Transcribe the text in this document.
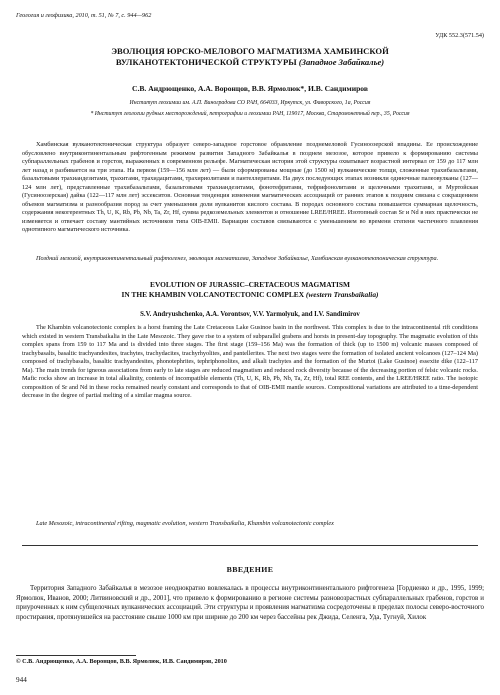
Геология и геофизика, 2010, т. 51, № 7, с. 944—962
УДК 552.3(571.54)
ЭВОЛЮЦИЯ ЮРСКО-МЕЛОВОГО МАГМАТИЗМА ХАМБИНСКОЙ
ВУЛКАНОТЕКТОНИЧЕСКОЙ СТРУКТУРЫ (Западное Забайкалье)
С.В. Андрющенко, А.А. Воронцов, В.В. Ярмолюк*, И.В. Сандимиров
Институт геохимии им. А.П. Виноградова СО РАН, 664033, Иркутск, ул. Фаворского, 1а, Россия
* Институт геологии рудных месторождений, петрографии и геохимии РАН, 119017, Москва, Старомонетный пер., 35, Россия
Хамбинская вулканотектоническая структура образует северо-западное горстовое обрамление позднемеловой Гусиноозерской впадины. Ее происхождение обусловлено внутриконтинентальным рифтогенным режимом развития Западного Забайкалья в позднем мезозое, которое привело к формированию системы субпараллельных грабенов и горстов, выраженных в современном рельефе. Магматическая история этой структуры охватывает возрастной интервал от 159 до 117 млн лет назад и разбивается на три этапа. На первом (159—156 млн лет) — были сформированы мощные (до 1500 м) вулканические толщи, сложенные трахибазальтами, базальтовыми трахиандезитами, трахитами, трахидацитами, трахириолитами и пантеллеритами. На двух последующих этапах возникли одиночные палеовулканы (127—124 млн лет), представленные трахибазальтами, базальтовыми трахиандезитами, фонотефритами, тефрифонолитами и щелочными трахитами, и Муртойская (Гусиноозерская) дайка (122—117 млн лет) эссекситов. Основная тенденция изменения магматических ассоциаций от ранних этапов к поздним связана с сокращением объемов магматизма и разнообразия пород за счет уменьшения доли вулканитов кислого состава. В породах основного состава повышается суммарная щелочность, содержания некогерентных Th, U, K, Rb, Pb, Nb, Ta, Zr, Hf, сумма редкоземельных элементов и отношение LREE/HREE. Изотопный состав Sr и Nd в них практически не изменяется и отвечает составу мантийных источников типа OIB-EMII. Вариации составов связываются с уменьшением во времени степени частичного плавления однотипного магматического источника.
Поздний мезозой, внутриконтинентальный рифтогенез, эволюция магматизма, Западное Забайкалье, Хамбинская вулканотектоническая структура.
EVOLUTION OF JURASSIC–CRETACEOUS MAGMATISM
IN THE KHAMBIN VOLCANOTECTONIC COMPLEX (western Transbaikalia)
S.V. Andryushchenko, A.A. Vorontsov, V.V. Yarmolyuk, and I.V. Sandimirov
The Khambin volcanotectonic complex is a horst framing the Late Cretaceous Lake Gusinoe basin in the northwest. This complex is due to the intracontinental rift conditions which existed in western Transbaikalia in the Late Mesozoic. They gave rise to a system of subparallel grabens and horsts in present-day topography. The magmatic evolution of this complex spans from 159 to 117 Ma and is divided into three stages. The first stage (159–156 Ma) was the formation of thick (up to 1500 m) volcanic masses composed of trachybasalts, basaltic trachyandesites, trachytes, trachydacites, trachyrhyolites, and pantellerites. The next two stages were the formation of isolated ancient volcanoes (127–124 Ma) composed of trachybasalts, basaltic trachyandesites, phonotephrites, tephriphonolites, and alkali trachytes and the formation of the Murtoi (Lake Gusinoe) essexite dike (122–117 Ma). The main trends for igneous associations from early to late stages are reduced magmatism and reduced rock diversity because of the decreasing portion of felsic volcanic rocks. Mafic rocks show an increase in total alkalinity, contents of incompatible elements (Th, U, K, Rb, Pb, Nb, Ta, Zr, Hf), total REE contents, and the LREE/HREE ratio. The isotopic composition of Sr and Nd in these rocks remained nearly constant and corresponds to that of OIB-EMII mantle sources. Compositional variations are attributed to a time-dependent decrease in the degree of partial melting of a similar magma source.
Late Mesozoic, intracontinental rifting, magmatic evolution, western Transbaikalia, Khambin volcanotectonic complex
ВВЕДЕНИЕ
Территория Западного Забайкалья в мезозое неоднократно вовлекалась в процессы внутриконтинентального рифтогенеза [Гордиенко и др., 1995, 1999; Ярмолюк, Иванов, 2000; Литвиновский и др., 2001], что привело к формированию в регионе системы разновозрастных субпараллельных грабенов, горстов и приуроченных к ним субщелочных вулканических ассоциаций. Эти структуры и проявления магматизма сосредоточены в пределах полосы северо-восточного простирания, протянувшейся на расстояние свыше 1000 км при ширине до 200 км через бассейны рек Джида, Селенга, Уда, Тугнуй, Хилок
© С.В. Андрющенко, А.А. Воронцов, В.В. Ярмолюк, И.В. Сандимиров, 2010
944
